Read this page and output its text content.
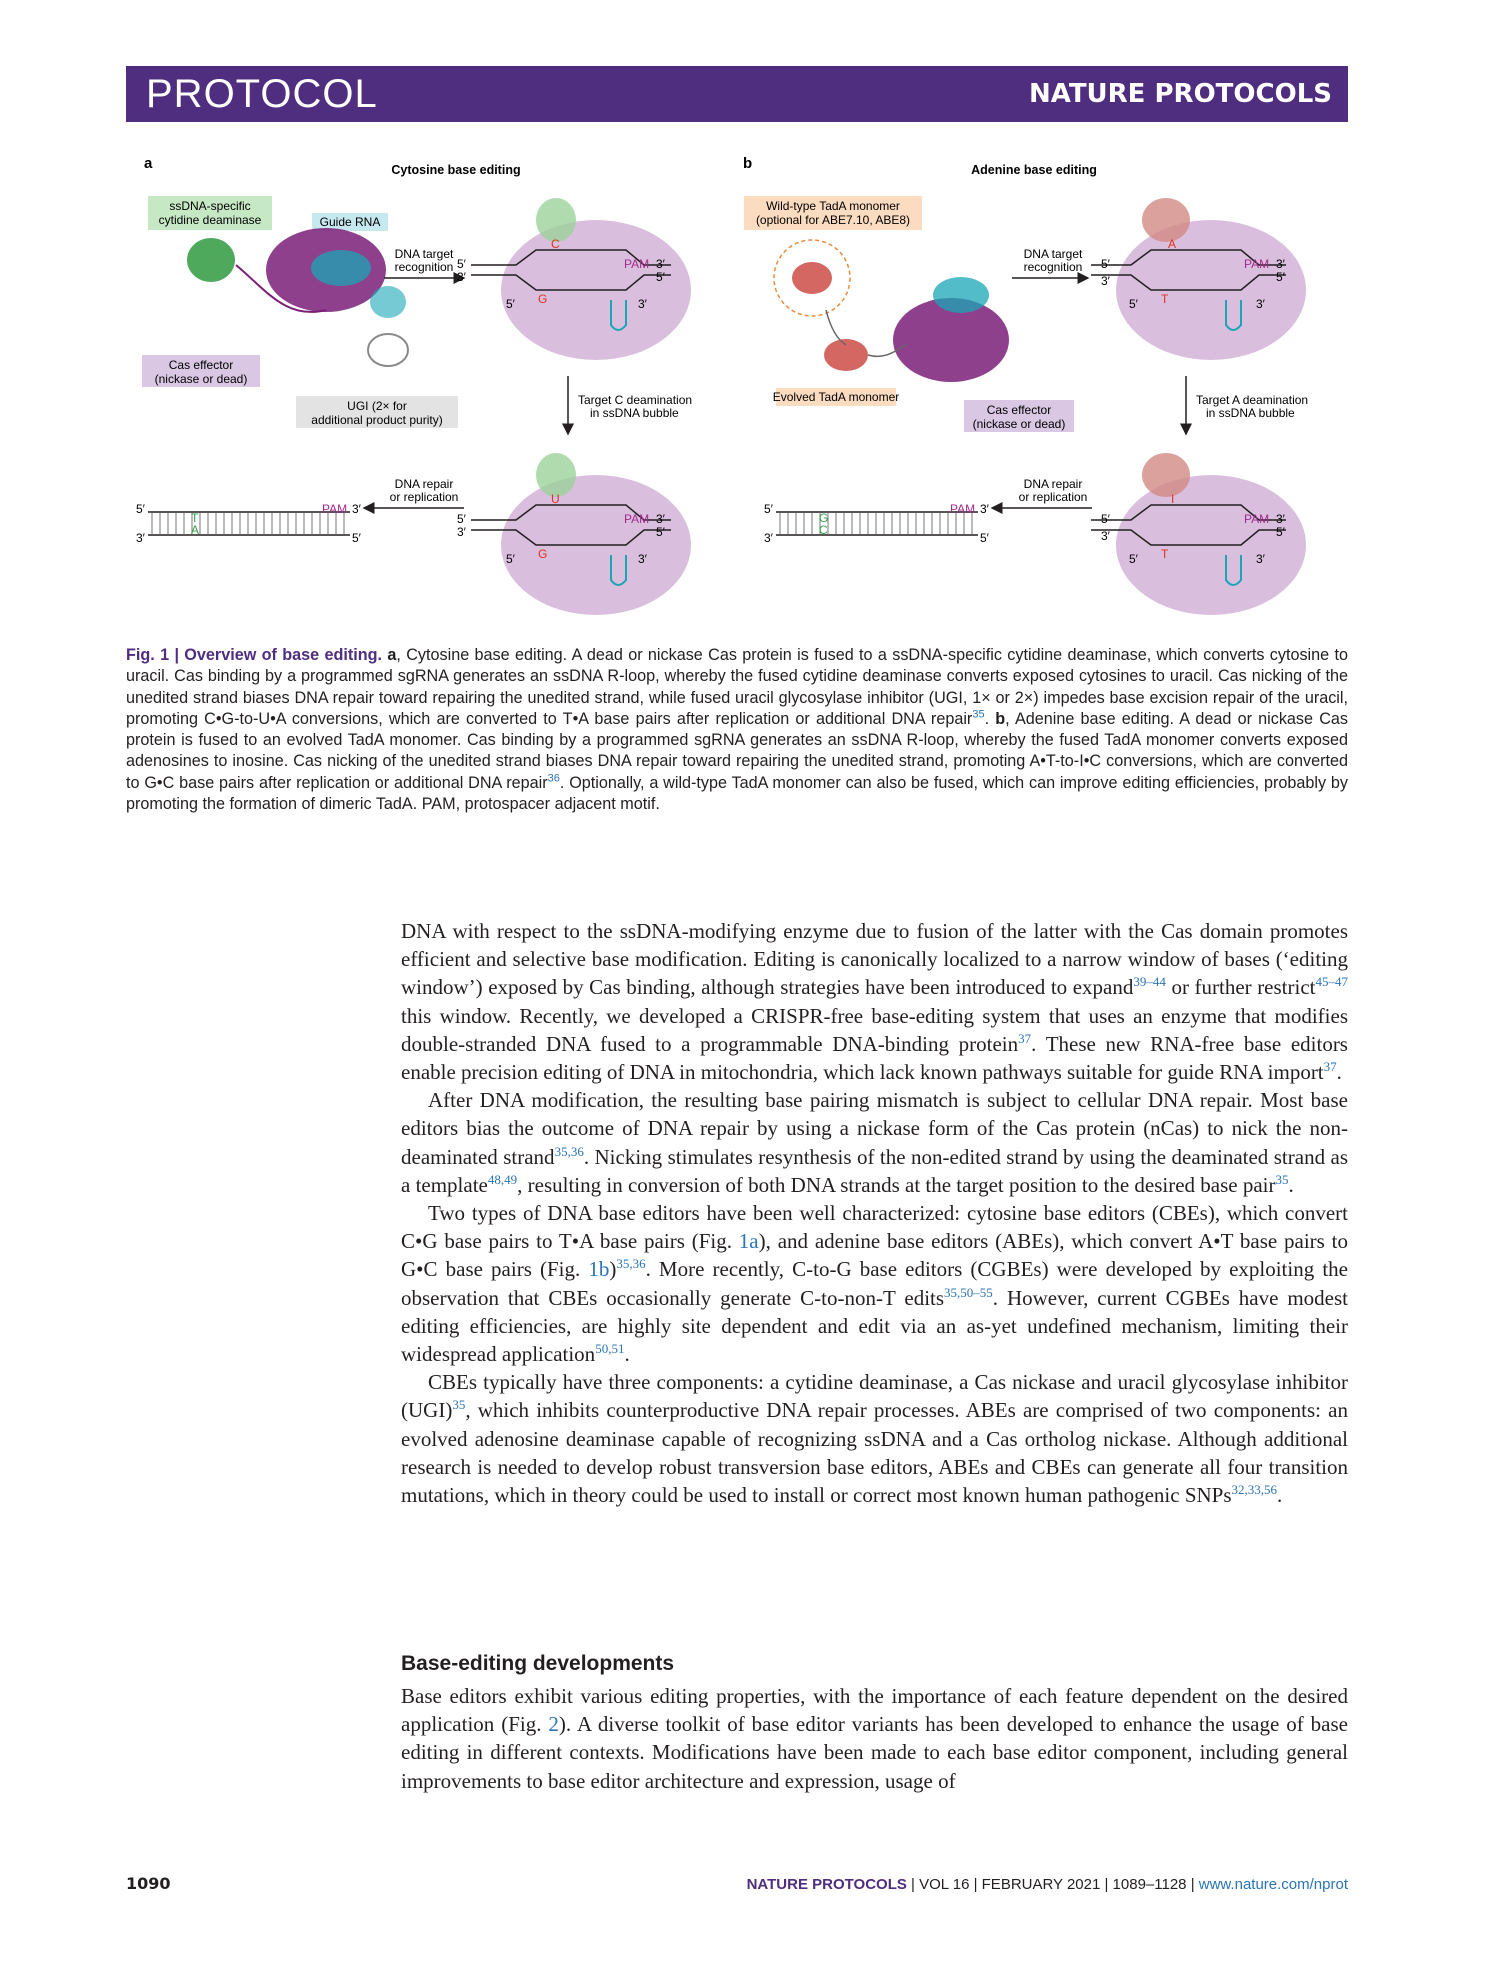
PROTOCOL	NATURE PROTOCOLS
a	Cytosine base editing
ssDNA-specific
cytidine deaminase	Guide RNA
Cas effector
(nickase or dead)
UGI (2× for
additional product purity)
DNA target
recognition 5′
3′
C
G
PAM 3′
5′
5′	3′
Target C deamination
in ssDNA bubble
5′
3′
U
G
PAM 3′
5′
5′	3′
DNA repair
or replication
5′
3′
PAM 3′
5′
T
A
b	Adenine base editing
Wild-type TadA monomer
(optional for ABE7.10, ABE8)
Evolved TadA monomer
Cas effector
(nickase or dead)
DNA target
recognition 5′
3′
A
T
PAM 3′
5′
5′	3′
Target A deamination
in ssDNA bubble
5′
3′
I
T
PAM 3′
5′
5′	3′
DNA repair
or replication
5′
3′
PAM 3′
5′
G
C
Fig. 1 | Overview of base editing. a, Cytosine base editing. A dead or nickase Cas protein is fused to a ssDNA-specific cytidine deaminase, which converts cytosine to uracil. Cas binding by a programmed sgRNA generates an ssDNA R-loop, whereby the fused cytidine deaminase converts exposed cytosines to uracil. Cas nicking of the unedited strand biases DNA repair toward repairing the unedited strand, while fused uracil glycosylase inhibitor (UGI, 1× or 2×) impedes base excision repair of the uracil, promoting C•G-to-U•A conversions, which are converted to T•A base pairs after replication or additional DNA repair$^{35}$. b, Adenine base editing. A dead or nickase Cas protein is fused to an evolved TadA monomer. Cas binding by a programmed sgRNA generates an ssDNA R-loop, whereby the fused TadA monomer converts exposed adenosines to inosine. Cas nicking of the unedited strand biases DNA repair toward repairing the unedited strand, promoting A•T-to-I•C conversions, which are converted to G•C base pairs after replication or additional DNA repair$^{36}$. Optionally, a wild-type TadA monomer can also be fused, which can improve editing efficiencies, probably by promoting the formation of dimeric TadA. PAM, protospacer adjacent motif.

DNA with respect to the ssDNA-modifying enzyme due to fusion of the latter with the Cas domain promotes efficient and selective base modification. Editing is canonically localized to a narrow window of bases (‘editing window’) exposed by Cas binding, although strategies have been introduced to expand$^{39-44}$ or further restrict$^{45-47}$ this window. Recently, we developed a CRISPR-free base-editing system that uses an enzyme that modifies double-stranded DNA fused to a programmable DNA-binding protein$^{37}$. These new RNA-free base editors enable precision editing of DNA in mitochondria, which lack known pathways suitable for guide RNA import$^{37}$.

After DNA modification, the resulting base pairing mismatch is subject to cellular DNA repair. Most base editors bias the outcome of DNA repair by using a nickase form of the Cas protein (nCas) to nick the non-deaminated strand$^{35,36}$. Nicking stimulates resynthesis of the non-edited strand by using the deaminated strand as a template$^{48,49}$, resulting in conversion of both DNA strands at the target position to the desired base pair$^{35}$.

Two types of DNA base editors have been well characterized: cytosine base editors (CBEs), which convert C•G base pairs to T•A base pairs (Fig. 1a), and adenine base editors (ABEs), which convert A•T base pairs to G•C base pairs (Fig. 1b)$^{35,36}$. More recently, C-to-G base editors (CGBEs) were developed by exploiting the observation that CBEs occasionally generate C-to-non-T edits$^{35,50-55}$. However, current CGBEs have modest editing efficiencies, are highly site dependent and edit via an as-yet undefined mechanism, limiting their widespread application$^{50,51}$.

CBEs typically have three components: a cytidine deaminase, a Cas nickase and uracil glycosylase inhibitor (UGI)$^{35}$, which inhibits counterproductive DNA repair processes. ABEs are comprised of two components: an evolved adenosine deaminase capable of recognizing ssDNA and a Cas ortholog nickase. Although additional research is needed to develop robust transversion base editors, ABEs and CBEs can generate all four transition mutations, which in theory could be used to install or correct most known human pathogenic SNPs$^{32,33,56}$.

Base-editing developments

Base editors exhibit various editing properties, with the importance of each feature dependent on the desired application (Fig. 2). A diverse toolkit of base editor variants has been developed to enhance the usage of base editing in different contexts. Modifications have been made to each base editor component, including general improvements to base editor architecture and expression, usage of

1090	NATURE PROTOCOLS | VOL 16 | FEBRUARY 2021 | 1089–1128 | www.nature.com/nprot
